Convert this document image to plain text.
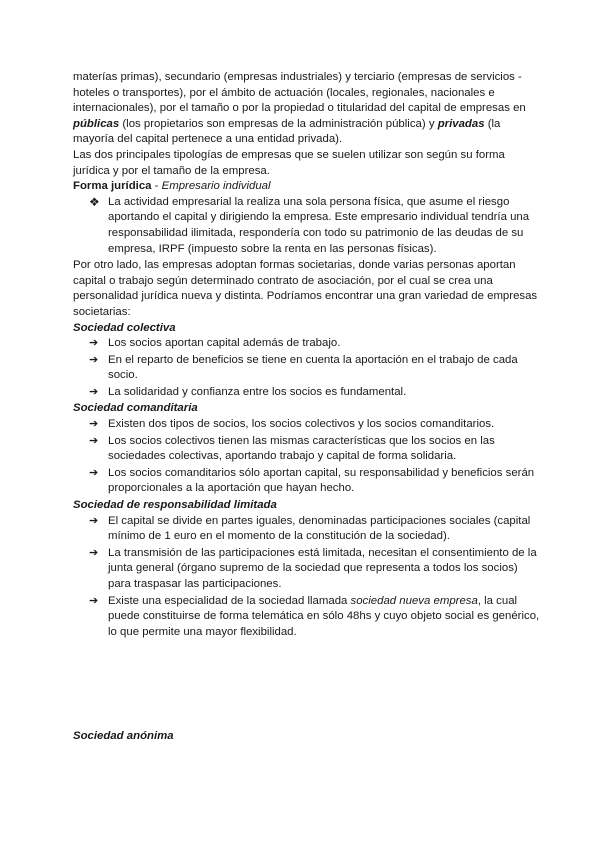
materías primas), secundario (empresas industriales) y terciario (empresas de servicios - hoteles o transportes), por el ámbito de actuación (locales, regionales, nacionales e internacionales), por el tamaño o por la propiedad o titularidad del capital de empresas en públicas (los propietarios son empresas de la administración pública) y privadas (la mayoría del capital pertenece a una entidad privada).

Las dos principales tipologías de empresas que se suelen utilizar son según su forma jurídica y por el tamaño de la empresa.

Forma jurídica - Empresario individual

❖ La actividad empresarial la realiza una sola persona física, que asume el riesgo aportando el capital y dirigiendo la empresa. Este empresario individual tendría una responsabilidad ilimitada, respondería con todo su patrimonio de las deudas de su empresa, IRPF (impuesto sobre la renta en las personas físicas).

Por otro lado, las empresas adoptan formas societarias, donde varias personas aportan capital o trabajo según determinado contrato de asociación, por el cual se crea una personalidad jurídica nueva y distinta. Podríamos encontrar una gran variedad de empresas societarias:

Sociedad colectiva

➔ Los socios aportan capital además de trabajo.
➔ En el reparto de beneficios se tiene en cuenta la aportación en el trabajo de cada socio.
➔ La solidaridad y confianza entre los socios es fundamental.

Sociedad comanditaria

➔ Existen dos tipos de socios, los socios colectivos y los socios comanditarios.
➔ Los socios colectivos tienen las mismas características que los socios en las sociedades colectivas, aportando trabajo y capital de forma solidaria.
➔ Los socios comanditarios sólo aportan capital, su responsabilidad y beneficios serán proporcionales a la aportación que hayan hecho.

Sociedad de responsabilidad limitada

➔ El capital se divide en partes iguales, denominadas participaciones sociales (capital mínimo de 1 euro en el momento de la constitución de la sociedad).
➔ La transmisión de las participaciones está limitada, necesitan el consentimiento de la junta general (órgano supremo de la sociedad que representa a todos los socios) para traspasar las participaciones.
➔ Existe una especialidad de la sociedad llamada sociedad nueva empresa, la cual puede constituirse de forma telemática en sólo 48hs y cuyo objeto social es genérico, lo que permite una mayor flexibilidad.

Sociedad anónima
